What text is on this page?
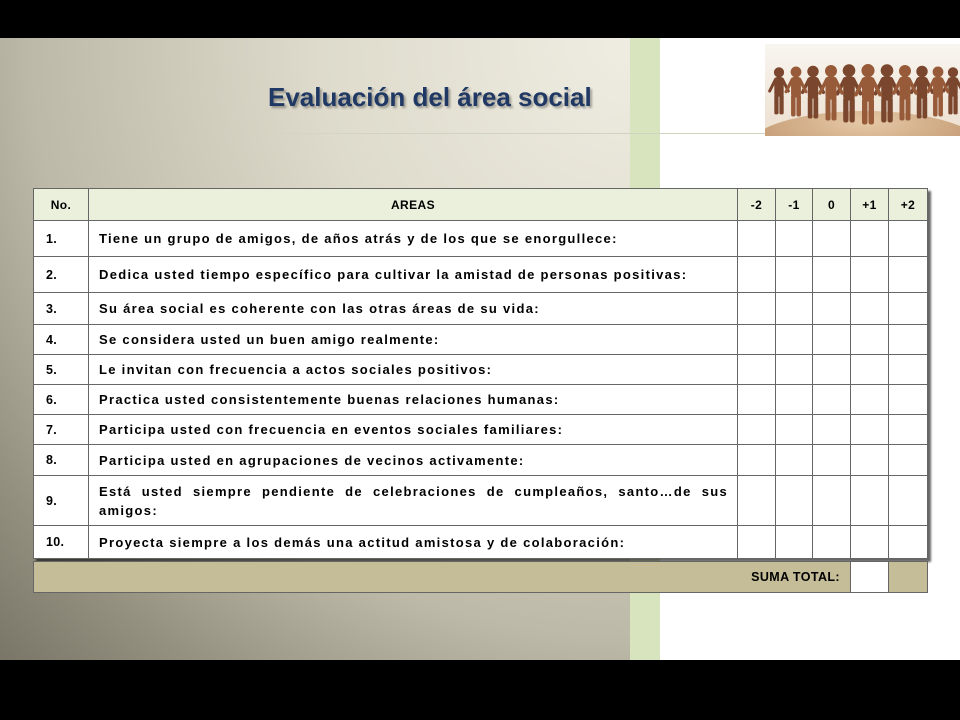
Evaluación del área social
No.	AREAS	-2	-1	0	+1	+2
1.	Tiene un grupo de amigos, de años atrás y de los que se enorgullece:					
2.	Dedica usted tiempo específico para cultivar la amistad de personas positivas:					
3.	Su área social es coherente con las otras áreas de su vida:					
4.	Se considera usted un buen amigo realmente:					
5.	Le invitan con frecuencia a actos sociales positivos:					
6.	Practica usted consistentemente buenas relaciones humanas:					
7.	Participa usted con frecuencia en eventos sociales familiares:					
8.	Participa usted en agrupaciones de vecinos activamente:					
9.	Está usted siempre pendiente de celebraciones de cumpleaños, santo…de sus amigos:					
10.	Proyecta siempre a los demás una actitud amistosa y de colaboración:					
SUMA TOTAL:		
